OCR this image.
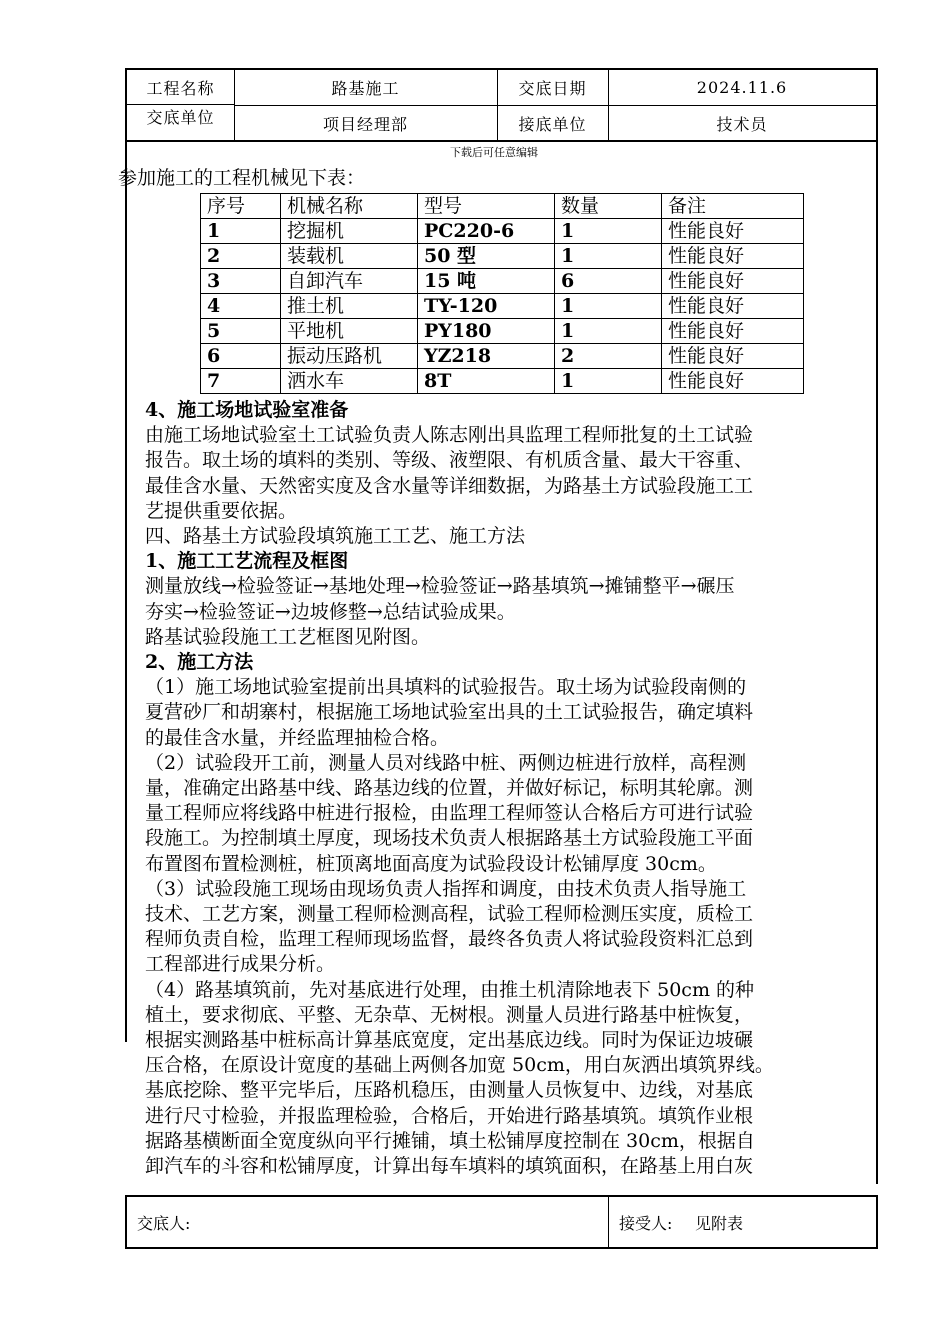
工程名称	路基施工	交底日期	2024.11.6
交底单位	项目经理部	接底单位	技术员
下载后可任意编辑

参加施工的工程机械见下表：

序号	机械名称	型号	数量	备注
1	挖掘机	PC220-6	1	性能良好
2	装载机	50 型	1	性能良好
3	自卸汽车	15 吨	6	性能良好
4	推土机	TY-120	1	性能良好
5	平地机	PY180	1	性能良好
6	振动压路机	YZ218	2	性能良好
7	洒水车	8T	1	性能良好

4、施工场地试验室准备

由施工场地试验室土工试验负责人陈志刚出具监理工程师批复的土工试验

报告。取土场的填料的类别、等级、液塑限、有机质含量、最大干容重、

最佳含水量、天然密实度及含水量等详细数据，为路基土方试验段施工工

艺提供重要依据。

四、路基土方试验段填筑施工工艺、施工方法

1、施工工艺流程及框图

测量放线→检验签证→基地处理→检验签证→路基填筑→摊铺整平→碾压

夯实→检验签证→边坡修整→总结试验成果。

路基试验段施工工艺框图见附图。

2、施工方法

（1）施工场地试验室提前出具填料的试验报告。取土场为试验段南侧的

夏营砂厂和胡寨村，根据施工场地试验室出具的土工试验报告，确定填料

的最佳含水量，并经监理抽检合格。

（2）试验段开工前，测量人员对线路中桩、两侧边桩进行放样，高程测

量，准确定出路基中线、路基边线的位置，并做好标记，标明其轮廓。测

量工程师应将线路中桩进行报检，由监理工程师签认合格后方可进行试验

段施工。为控制填土厚度，现场技术负责人根据路基土方试验段施工平面

布置图布置检测桩，桩顶离地面高度为试验段设计松铺厚度 30cm。

（3）试验段施工现场由现场负责人指挥和调度，由技术负责人指导施工

技术、工艺方案，测量工程师检测高程，试验工程师检测压实度，质检工

程师负责自检，监理工程师现场监督，最终各负责人将试验段资料汇总到

工程部进行成果分析。

（4）路基填筑前，先对基底进行处理，由推土机清除地表下 50cm 的种

植土，要求彻底、平整、无杂草、无树根。测量人员进行路基中桩恢复，

根据实测路基中桩标高计算基底宽度，定出基底边线。同时为保证边坡碾

压合格，在原设计宽度的基础上两侧各加宽 50cm，用白灰洒出填筑界线。

基底挖除、整平完毕后，压路机稳压，由测量人员恢复中、边线，对基底

进行尺寸检验，并报监理检验，合格后，开始进行路基填筑。填筑作业根

据路基横断面全宽度纵向平行摊铺，填土松铺厚度控制在 30cm，根据自

卸汽车的斗容和松铺厚度，计算出每车填料的填筑面积，在路基上用白灰

交底人:	接受人: 见附表
